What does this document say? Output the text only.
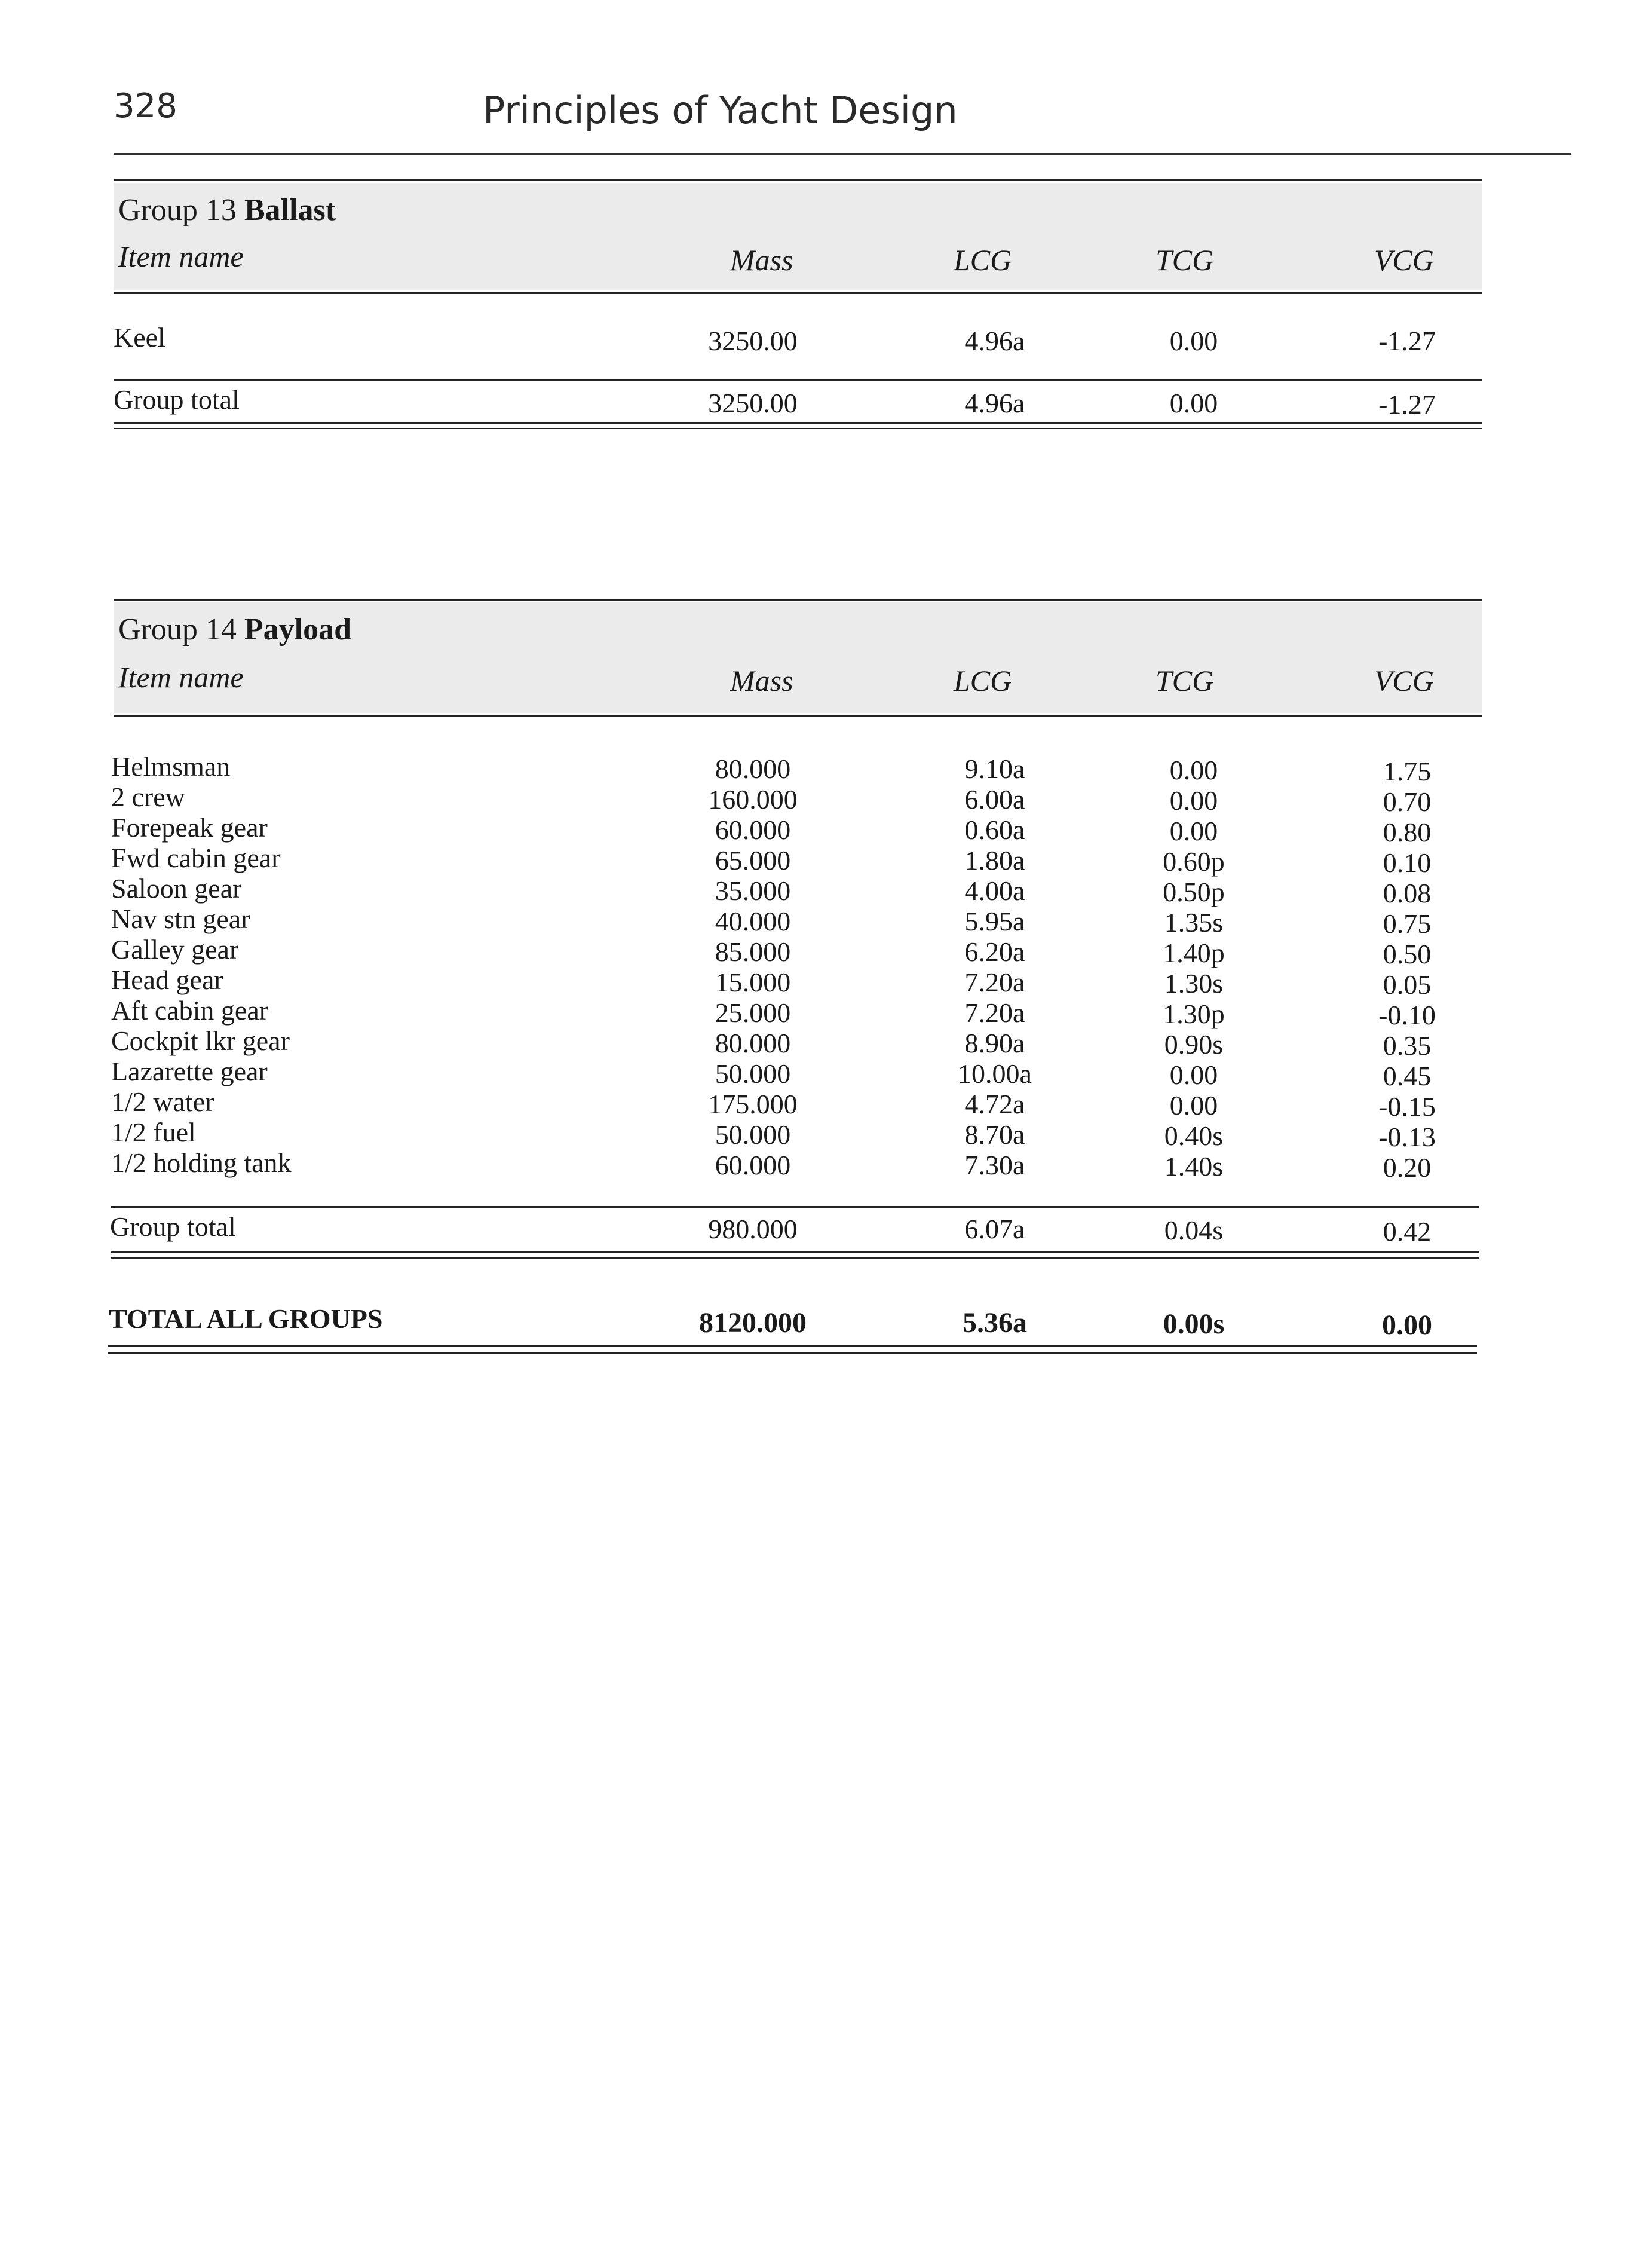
328	Principles of Yacht Design
Group 13 Ballast
Item name	Mass	LCG	TCG	VCG
Keel	3250.00	4.96a	0.00	-1.27
Group total	3250.00	4.96a	0.00	-1.27
Group 14 Payload
Item name	Mass	LCG	TCG	VCG
Helmsman	80.000	9.10a	0.00	1.75
2 crew	160.000	6.00a	0.00	0.70
Forepeak gear	60.000	0.60a	0.00	0.80
Fwd cabin gear	65.000	1.80a	0.60p	0.10
Saloon gear	35.000	4.00a	0.50p	0.08
Nav stn gear	40.000	5.95a	1.35s	0.75
Galley gear	85.000	6.20a	1.40p	0.50
Head gear	15.000	7.20a	1.30s	0.05
Aft cabin gear	25.000	7.20a	1.30p	-0.10
Cockpit lkr gear	80.000	8.90a	0.90s	0.35
Lazarette gear	50.000	10.00a	0.00	0.45
1/2 water	175.000	4.72a	0.00	-0.15
1/2 fuel	50.000	8.70a	0.40s	-0.13
1/2 holding tank	60.000	7.30a	1.40s	0.20
Group total	980.000	6.07a	0.04s	0.42
TOTAL ALL GROUPS	8120.000	5.36a	0.00s	0.00
